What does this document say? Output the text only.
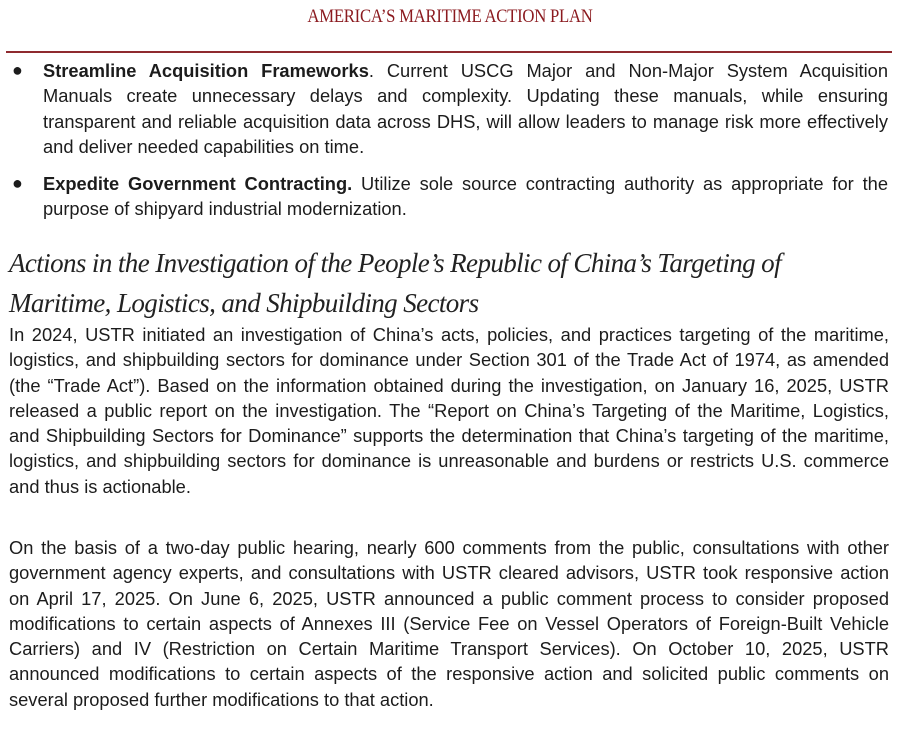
AMERICA’S MARITIME ACTION PLAN
● Streamline Acquisition Frameworks. Current USCG Major and Non-Major System Acquisition Manuals create unnecessary delays and complexity. Updating these manuals, while ensuring transparent and reliable acquisition data across DHS, will allow leaders to manage risk more effectively and deliver needed capabilities on time.
● Expedite Government Contracting. Utilize sole source contracting authority as appropriate for the purpose of shipyard industrial modernization.
Actions in the Investigation of the People’s Republic of China’s Targeting of Maritime, Logistics, and Shipbuilding Sectors
In 2024, USTR initiated an investigation of China’s acts, policies, and practices targeting of the maritime, logistics, and shipbuilding sectors for dominance under Section 301 of the Trade Act of 1974, as amended (the “Trade Act”). Based on the information obtained during the investigation, on January 16, 2025, USTR released a public report on the investigation. The “Report on China’s Targeting of the Maritime, Logistics, and Shipbuilding Sectors for Dominance” supports the determination that China’s targeting of the maritime, logistics, and shipbuilding sectors for dominance is unreasonable and burdens or restricts U.S. commerce and thus is actionable.
On the basis of a two-day public hearing, nearly 600 comments from the public, consultations with other government agency experts, and consultations with USTR cleared advisors, USTR took responsive action on April 17, 2025. On June 6, 2025, USTR announced a public comment process to consider proposed modifications to certain aspects of Annexes III (Service Fee on Vessel Operators of Foreign-Built Vehicle Carriers) and IV (Restriction on Certain Maritime Transport Services). On October 10, 2025, USTR announced modifications to certain aspects of the responsive action and solicited public comments on several proposed further modifications to that action.
